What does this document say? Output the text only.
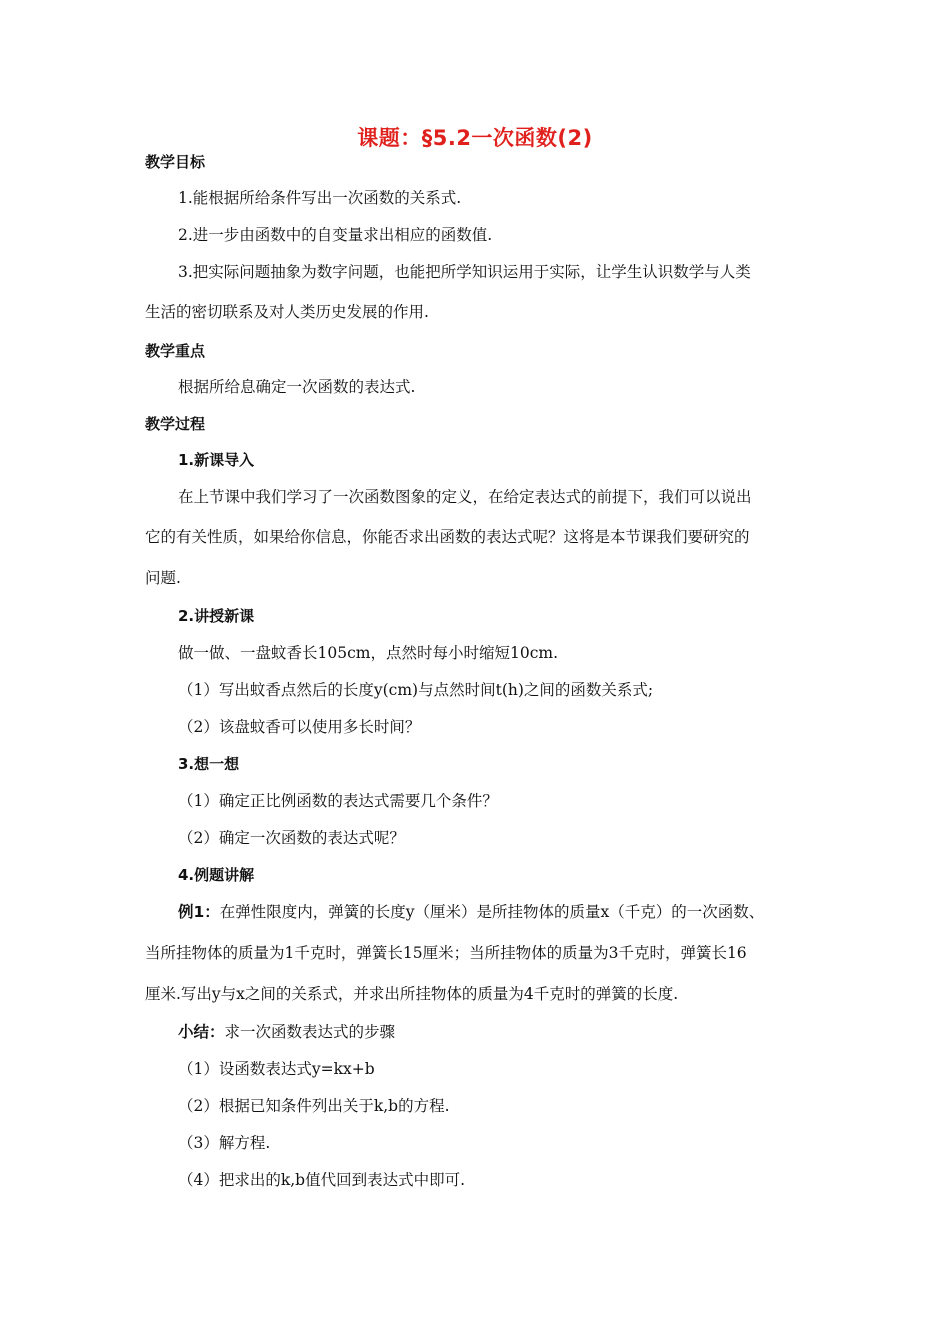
课题：§5.2一次函数(2)
教学目标
1.能根据所给条件写出一次函数的关系式.
2.进一步由函数中的自变量求出相应的函数值.
3.把实际问题抽象为数字问题，也能把所学知识运用于实际，让学生认识数学与人类
生活的密切联系及对人类历史发展的作用.
教学重点
根据所给息确定一次函数的表达式.
教学过程
1.新课导入
在上节课中我们学习了一次函数图象的定义，在给定表达式的前提下，我们可以说出
它的有关性质，如果给你信息，你能否求出函数的表达式呢？这将是本节课我们要研究的
问题.
2.讲授新课
做一做、一盘蚊香长105cm，点然时每小时缩短10cm.
（1）写出蚊香点然后的长度y(cm)与点然时间t(h)之间的函数关系式;
（2）该盘蚊香可以使用多长时间？
3.想一想
（1）确定正比例函数的表达式需要几个条件？
（2）确定一次函数的表达式呢？
4.例题讲解
例1：在弹性限度内，弹簧的长度y（厘米）是所挂物体的质量x（千克）的一次函数、
当所挂物体的质量为1千克时，弹簧长15厘米；当所挂物体的质量为3千克时，弹簧长16
厘米.写出y与x之间的关系式，并求出所挂物体的质量为4千克时的弹簧的长度.
小结：求一次函数表达式的步骤
（1）设函数表达式y=kx+b
（2）根据已知条件列出关于k,b的方程.
（3）解方程.
（4）把求出的k,b值代回到表达式中即可.
